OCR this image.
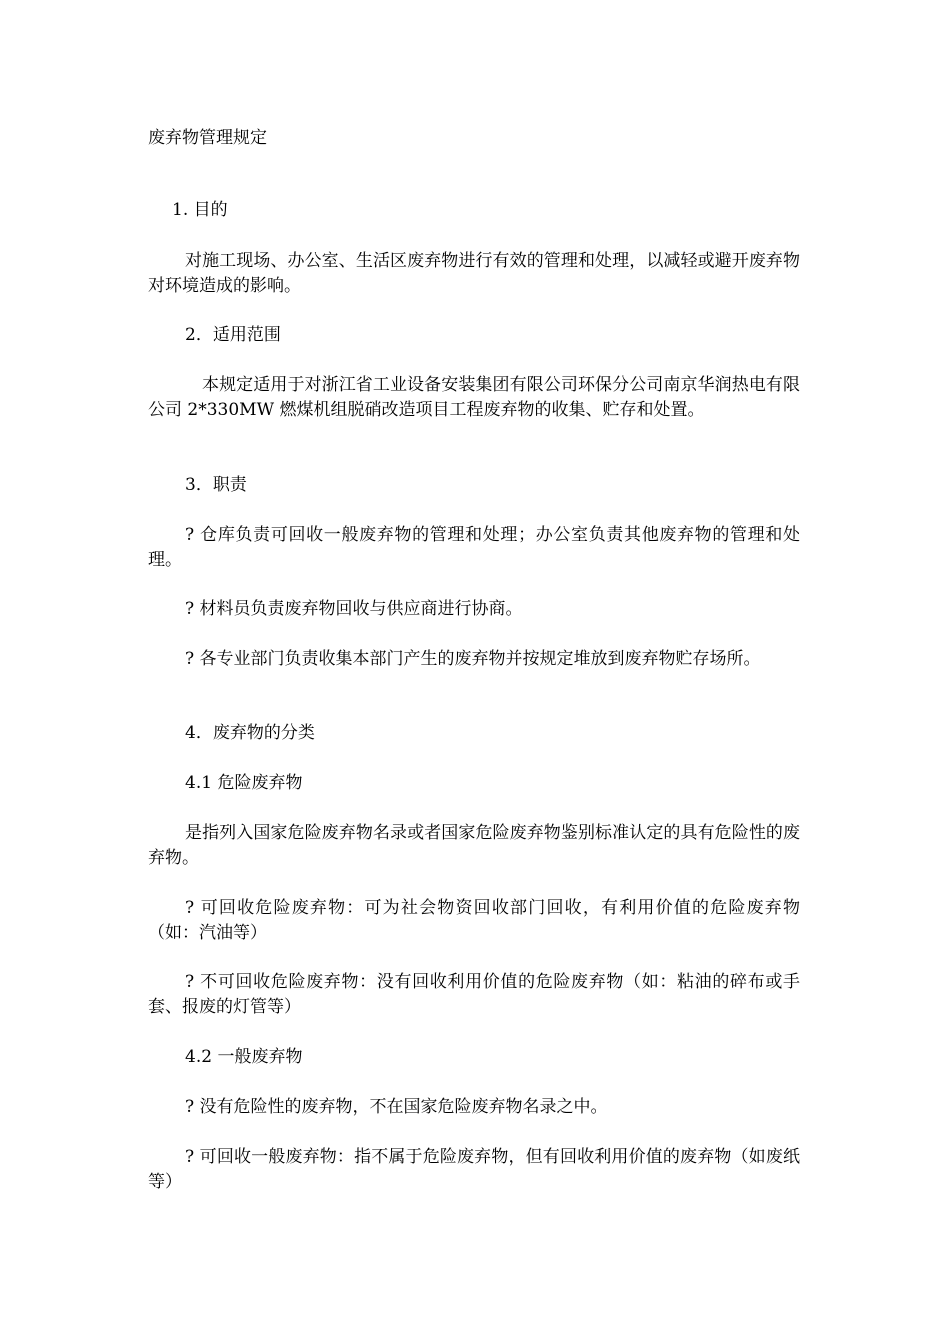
废弃物管理规定

1. 目的

对施工现场、办公室、生活区废弃物进行有效的管理和处理，以减轻或避开废弃物对环境造成的影响。

2．适用范围

本规定适用于对浙江省工业设备安装集团有限公司环保分公司南京华润热电有限公司 2*330MW 燃煤机组脱硝改造项目工程废弃物的收集、贮存和处置。

3．职责

? 仓库负责可回收一般废弃物的管理和处理；办公室负责其他废弃物的管理和处理。

? 材料员负责废弃物回收与供应商进行协商。

? 各专业部门负责收集本部门产生的废弃物并按规定堆放到废弃物贮存场所。

4．废弃物的分类

4.1 危险废弃物

是指列入国家危险废弃物名录或者国家危险废弃物鉴别标准认定的具有危险性的废弃物。

? 可回收危险废弃物：可为社会物资回收部门回收，有利用价值的危险废弃物（如：汽油等）

? 不可回收危险废弃物：没有回收利用价值的危险废弃物（如：粘油的碎布或手套、报废的灯管等）

4.2 一般废弃物

? 没有危险性的废弃物，不在国家危险废弃物名录之中。

? 可回收一般废弃物：指不属于危险废弃物，但有回收利用价值的废弃物（如废纸等）
